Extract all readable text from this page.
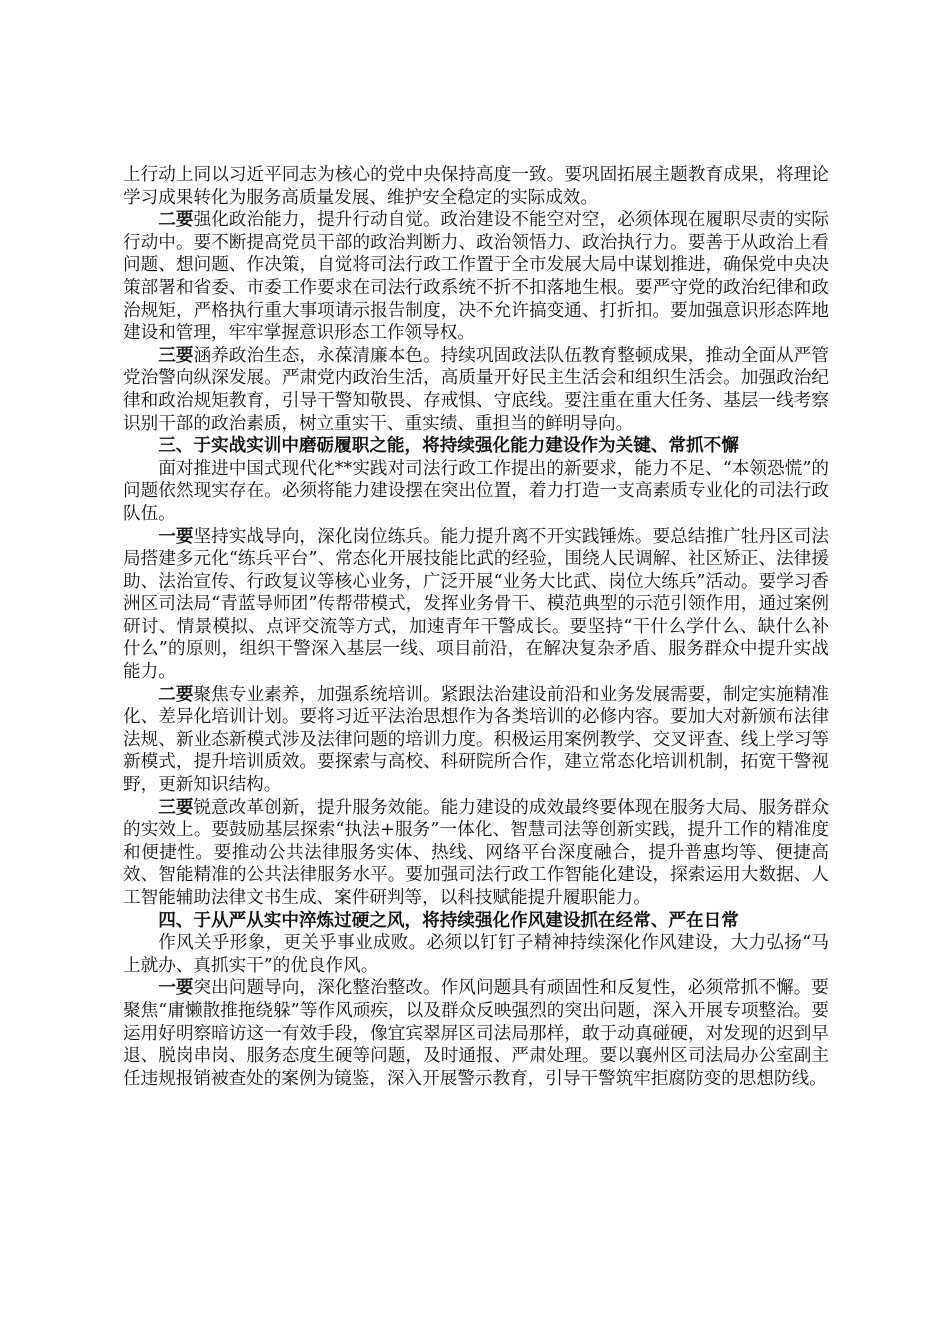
上行动上同以习近平同志为核心的党中央保持高度一致。要巩固拓展主题教育成果，将理论学习成果转化为服务高质量发展、维护安全稳定的实际成效。

二要强化政治能力，提升行动自觉。政治建设不能空对空，必须体现在履职尽责的实际行动中。要不断提高党员干部的政治判断力、政治领悟力、政治执行力。要善于从政治上看问题、想问题、作决策，自觉将司法行政工作置于全市发展大局中谋划推进，确保党中央决策部署和省委、市委工作要求在司法行政系统不折不扣落地生根。要严守党的政治纪律和政治规矩，严格执行重大事项请示报告制度，决不允许搞变通、打折扣。要加强意识形态阵地建设和管理，牢牢掌握意识形态工作领导权。

三要涵养政治生态，永葆清廉本色。持续巩固政法队伍教育整顿成果，推动全面从严管党治警向纵深发展。严肃党内政治生活，高质量开好民主生活会和组织生活会。加强政治纪律和政治规矩教育，引导干警知敬畏、存戒惧、守底线。要注重在重大任务、基层一线考察识别干部的政治素质，树立重实干、重实绩、重担当的鲜明导向。

三、于实战实训中磨砺履职之能，将持续强化能力建设作为关键、常抓不懈

面对推进中国式现代化**实践对司法行政工作提出的新要求，能力不足、“本领恐慌”的问题依然现实存在。必须将能力建设摆在突出位置，着力打造一支高素质专业化的司法行政队伍。

一要坚持实战导向，深化岗位练兵。能力提升离不开实践锤炼。要总结推广牡丹区司法局搭建多元化“练兵平台”、常态化开展技能比武的经验，围绕人民调解、社区矫正、法律援助、法治宣传、行政复议等核心业务，广泛开展“业务大比武、岗位大练兵”活动。要学习香洲区司法局“青蓝导师团”传帮带模式，发挥业务骨干、模范典型的示范引领作用，通过案例研讨、情景模拟、点评交流等方式，加速青年干警成长。要坚持“干什么学什么、缺什么补什么”的原则，组织干警深入基层一线、项目前沿，在解决复杂矛盾、服务群众中提升实战能力。

二要聚焦专业素养，加强系统培训。紧跟法治建设前沿和业务发展需要，制定实施精准化、差异化培训计划。要将习近平法治思想作为各类培训的必修内容。要加大对新颁布法律法规、新业态新模式涉及法律问题的培训力度。积极运用案例教学、交叉评查、线上学习等新模式，提升培训质效。要探索与高校、科研院所合作，建立常态化培训机制，拓宽干警视野，更新知识结构。

三要锐意改革创新，提升服务效能。能力建设的成效最终要体现在服务大局、服务群众的实效上。要鼓励基层探索“执法+服务”一体化、智慧司法等创新实践，提升工作的精准度和便捷性。要推动公共法律服务实体、热线、网络平台深度融合，提升普惠均等、便捷高效、智能精准的公共法律服务水平。要加强司法行政工作智能化建设，探索运用大数据、人工智能辅助法律文书生成、案件研判等，以科技赋能提升履职能力。

四、于从严从实中淬炼过硬之风，将持续强化作风建设抓在经常、严在日常

作风关乎形象，更关乎事业成败。必须以钉钉子精神持续深化作风建设，大力弘扬“马上就办、真抓实干”的优良作风。

一要突出问题导向，深化整治整改。作风问题具有顽固性和反复性，必须常抓不懈。要聚焦“庸懒散推拖绕躲”等作风顽疾，以及群众反映强烈的突出问题，深入开展专项整治。要运用好明察暗访这一有效手段，像宜宾翠屏区司法局那样，敢于动真碰硬，对发现的迟到早退、脱岗串岗、服务态度生硬等问题，及时通报、严肃处理。要以襄州区司法局办公室副主任违规报销被查处的案例为镜鉴，深入开展警示教育，引导干警筑牢拒腐防变的思想防线。
